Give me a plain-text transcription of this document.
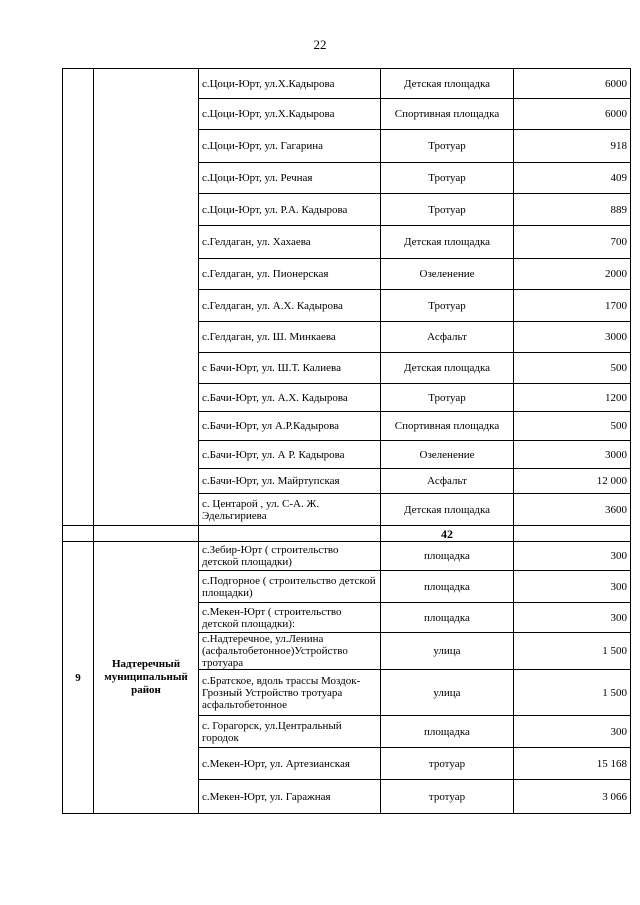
22
		с.Цоци-Юрт, ул.Х.Кадырова	Детская площадка	6000
		с.Цоци-Юрт, ул.Х.Кадырова	Спортивная площадка	6000
		с.Цоци-Юрт, ул. Гагарина	Тротуар	918
		с.Цоци-Юрт, ул. Речная	Тротуар	409
		с.Цоци-Юрт, ул. Р.А. Кадырова	Тротуар	889
		с.Гелдаган, ул. Хахаева	Детская площадка	700
		с.Гелдаган, ул. Пионерская	Озеленение	2000
		с.Гелдаган, ул. А.Х. Кадырова	Тротуар	1700
		с.Гелдаган, ул. Ш. Минкаева	Асфальт	3000
		с Бачи-Юрт, ул. Ш.Т. Калиева	Детская площадка	500
		с.Бачи-Юрт, ул. А.Х. Кадырова	Тротуар	1200
		с.Бачи-Юрт, ул А.Р.Кадырова	Спортивная площадка	500
		с.Бачи-Юрт, ул. А Р. Кадырова	Озеленение	3000
		с.Бачи-Юрт, ул. Майртупская	Асфальт	12 000
		с. Центарой , ул. С-А. Ж. Эдельгириева	Детская площадка	3600
			42	
9	Надтеречный муниципальный район	с.Зебир-Юрт ( строительство детской площадки)	площадка	300
		с.Подгорное ( строительство детской площадки)	площадка	300
		с.Мекен-Юрт ( строительство детской площадки):	площадка	300
		с.Надтеречное, ул.Ленина (асфальтобетонное)Устройство тротуара	улица	1 500
		с.Братское, вдоль трассы Моздок-Грозный Устройство тротуара асфальтобетонное	улица	1 500
		с. Горагорск, ул.Центральный городок	площадка	300
		с.Мекен-Юрт, ул. Артезианская	тротуар	15 168
		с.Мекен-Юрт, ул. Гаражная	тротуар	3 066
